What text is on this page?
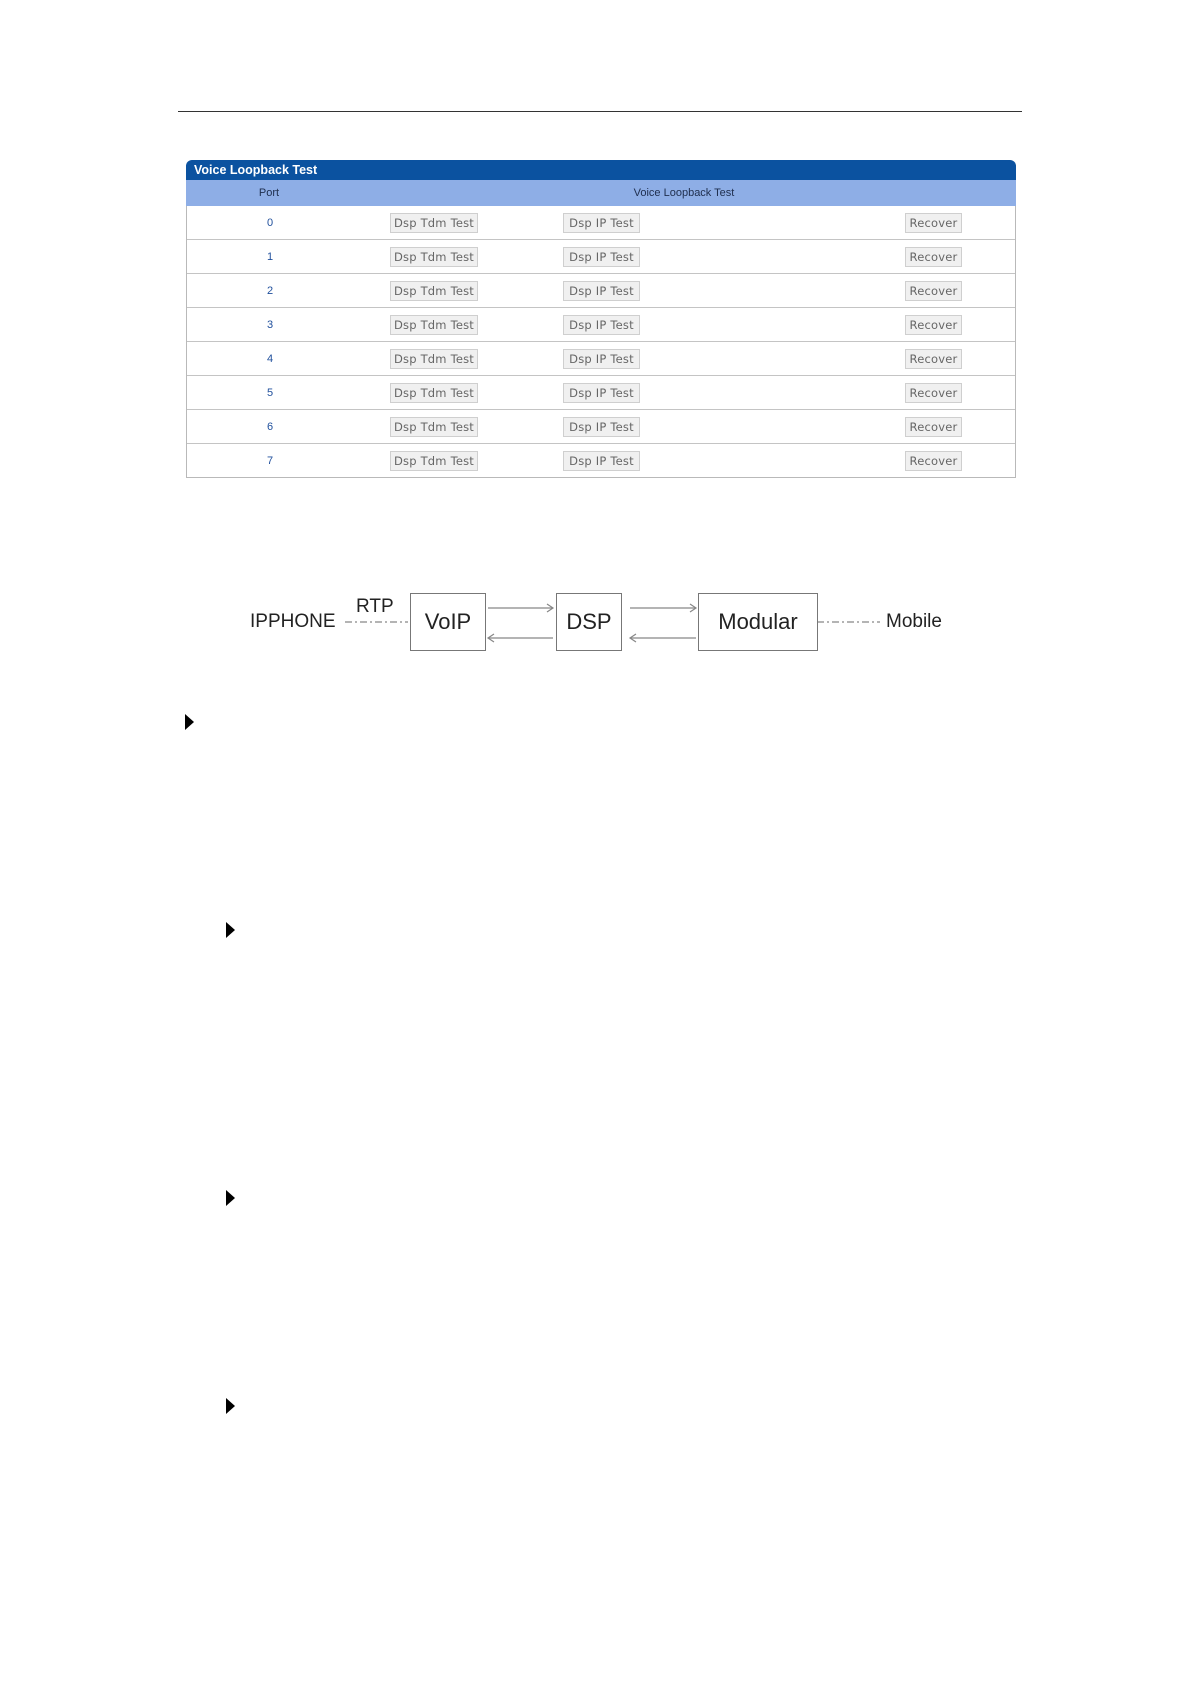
Voice Loopback Test
Port	Voice Loopback Test
0	Dsp Tdm Test	Dsp IP Test	Recover
1	Dsp Tdm Test	Dsp IP Test	Recover
2	Dsp Tdm Test	Dsp IP Test	Recover
3	Dsp Tdm Test	Dsp IP Test	Recover
4	Dsp Tdm Test	Dsp IP Test	Recover
5	Dsp Tdm Test	Dsp IP Test	Recover
6	Dsp Tdm Test	Dsp IP Test	Recover
7	Dsp Tdm Test	Dsp IP Test	Recover
IPPHONE
RTP
VoIP	DSP	Modular	Mobile
